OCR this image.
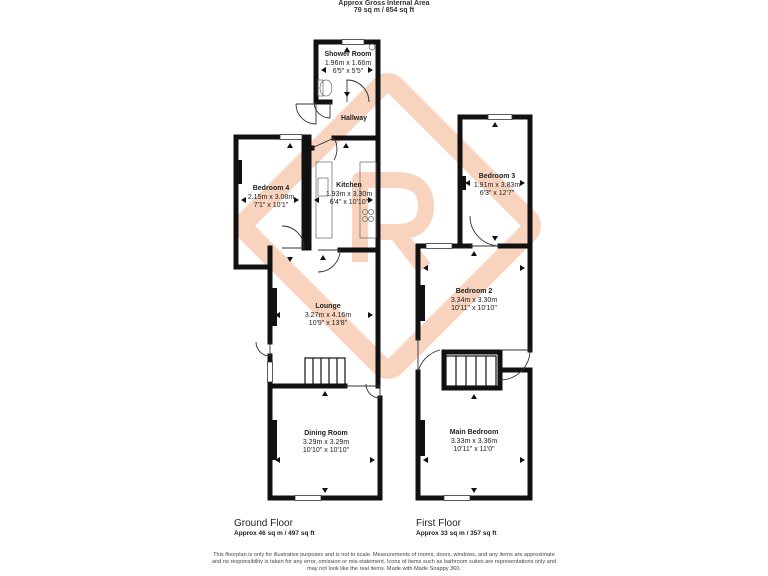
Approx Gross Internal Area
79 sq m / 854 sq ft
Shower Room
1.96m x 1.66m
6'5" x 5'5"
Hallway
Bedroom 4
2.15m x 3.08m
7'1" x 10'1"
Kitchen
1.93m x 3.30m
6'4" x 10'10"
Lounge
3.27m x 4.16m
10'9" x 13'8"
Dining Room
3.29m x 3.29m
10'10" x 10'10"
Bedroom 3
1.91m x 3.83m
6'3" x 12'7"
Bedroom 2
3.34m x 3.30m
10'11" x 10'10"
Main Bedroom
3.33m x 3.36m
10'11" x 11'0"
Ground Floor
Approx 46 sq m / 497 sq ft
First Floor
Approx 33 sq m / 357 sq ft
This floorplan is only for illustrative purposes and is not to scale. Measurements of rooms, doors, windows, and any items are approximate
and no responsibility is taken for any error, omission or mis-statement. Icons of items such as bathroom suites are representations only and
may not look like the real items. Made with Made Snappy 360.
